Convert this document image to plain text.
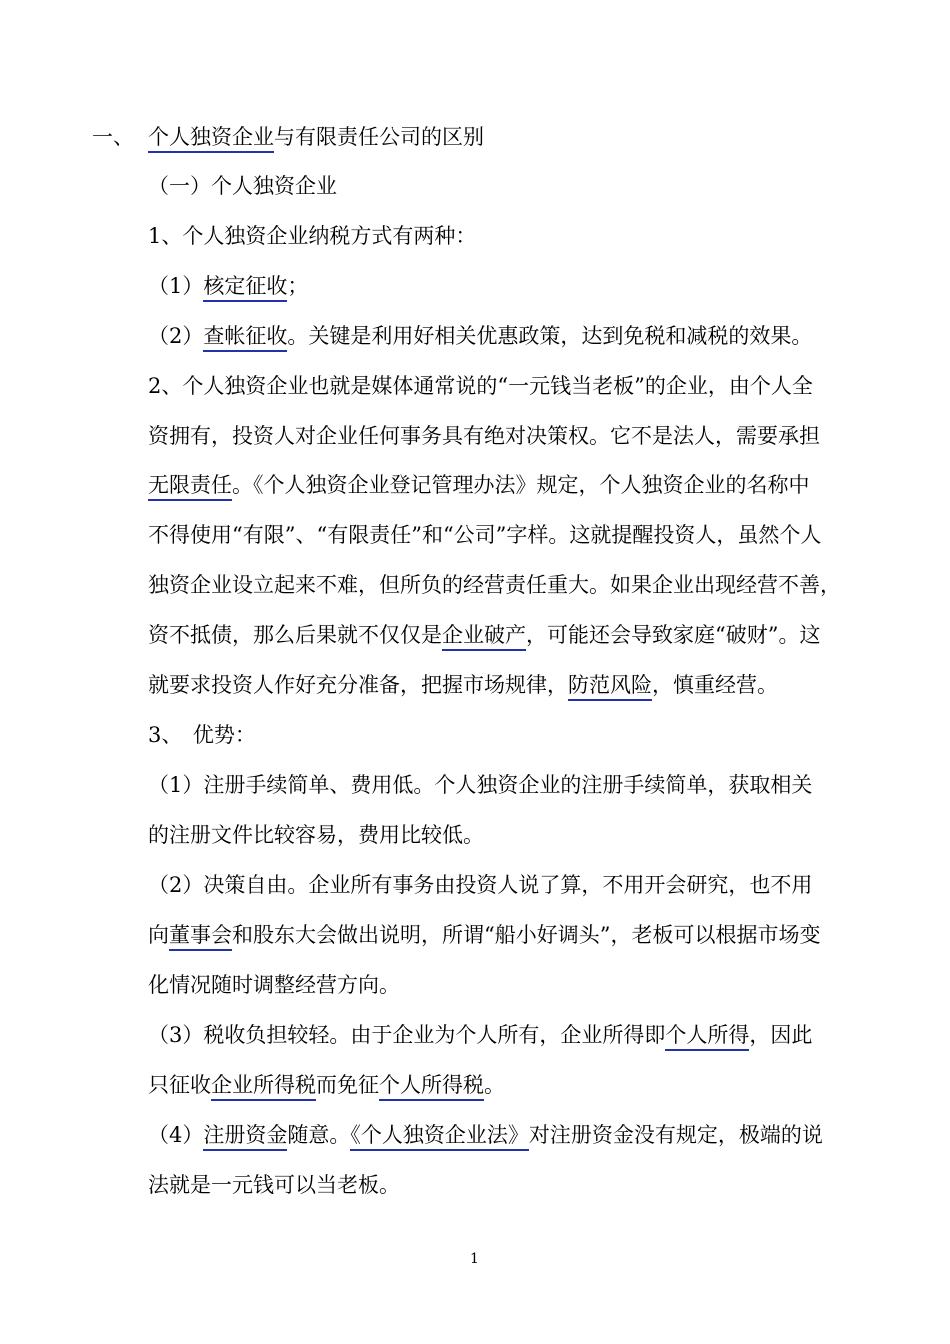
一、 个人独资企业与有限责任公司的区别
（一）个人独资企业
1、个人独资企业纳税方式有两种：
（1）核定征收；
（2）查帐征收。关键是利用好相关优惠政策，达到免税和减税的效果。
2、个人独资企业也就是媒体通常说的“一元钱当老板”的企业，由个人全
资拥有，投资人对企业任何事务具有绝对决策权。它不是法人，需要承担
无限责任。《个人独资企业登记管理办法》规定，个人独资企业的名称中
不得使用“有限”、“有限责任”和“公司”字样。这就提醒投资人，虽然个人
独资企业设立起来不难，但所负的经营责任重大。如果企业出现经营不善，
资不抵债，那么后果就不仅仅是企业破产，可能还会导致家庭“破财”。这
就要求投资人作好充分准备，把握市场规律，防范风险，慎重经营。
3、　优势：
（1）注册手续简单、费用低。个人独资企业的注册手续简单，获取相关
的注册文件比较容易，费用比较低。
（2）决策自由。企业所有事务由投资人说了算，不用开会研究，也不用
向董事会和股东大会做出说明，所谓“船小好调头”，老板可以根据市场变
化情况随时调整经营方向。
（3）税收负担较轻。由于企业为个人所有，企业所得即个人所得，因此
只征收企业所得税而免征个人所得税。
（4）注册资金随意。《个人独资企业法》对注册资金没有规定，极端的说
法就是一元钱可以当老板。
1
